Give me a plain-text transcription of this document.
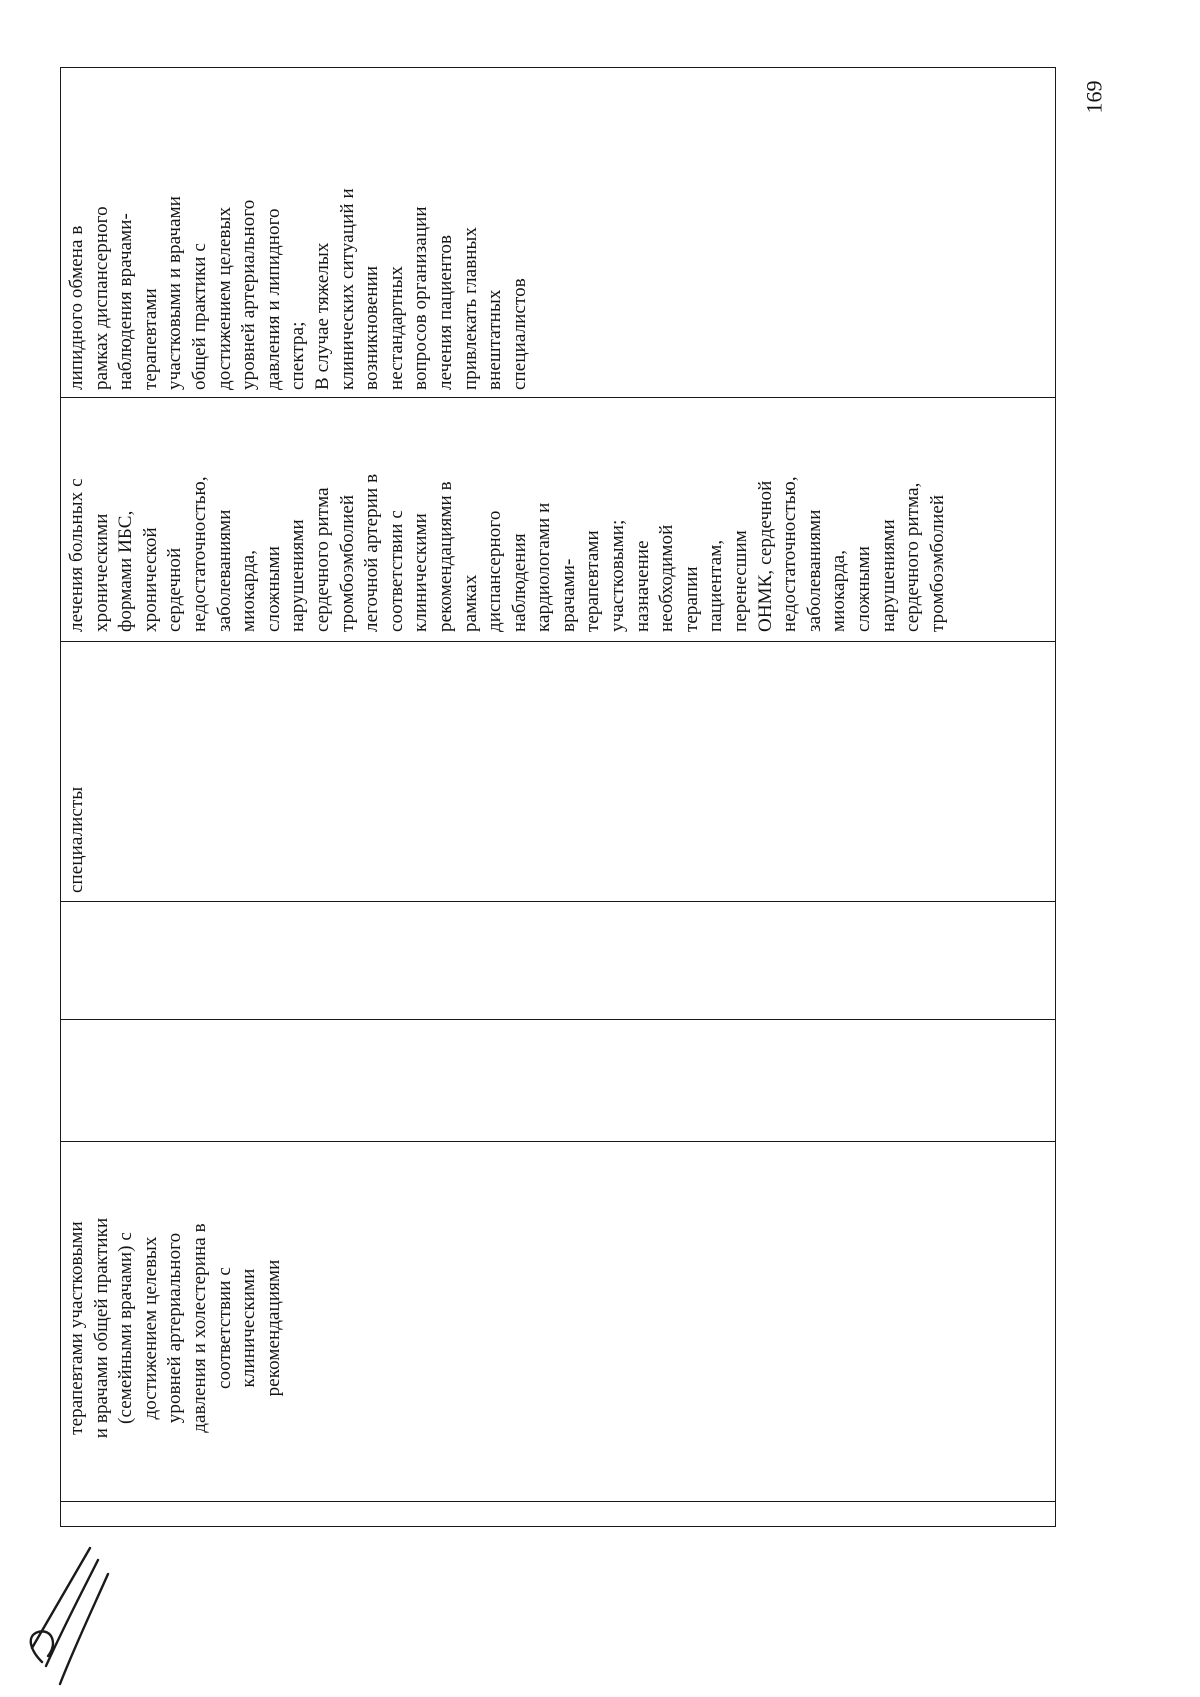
терапевтами участковыми и врачами общей практики (семейными врачами) с достижением целевых уровней артериального давления и холестерина в соответствии с клиническими рекомендациями
специалисты
лечения больных с хроническими формами ИБС, хронической сердечной недостаточностью, заболеваниями миокарда, сложными нарушениями сердечного ритма тромбоэмболией легочной артерии в соответствии с клиническими рекомендациями в рамках диспансерного наблюдения кардиологами и врачами- терапевтами участковыми; назначение необходимой терапии пациентам, перенесшим ОНМК, сердечной недостаточностью, заболеваниями миокарда, сложными нарушениями сердечного ритма, тромбоэмболией
липидного обмена в рамках диспансерного наблюдения врачами- терапевтами участковыми и врачами общей практики с достижением целевых уровней артериального давления и липидного спектра; В случае тяжелых клинических ситуаций и возникновении нестандартных вопросов организации лечения пациентов привлекать главных внештатных специалистов
169
